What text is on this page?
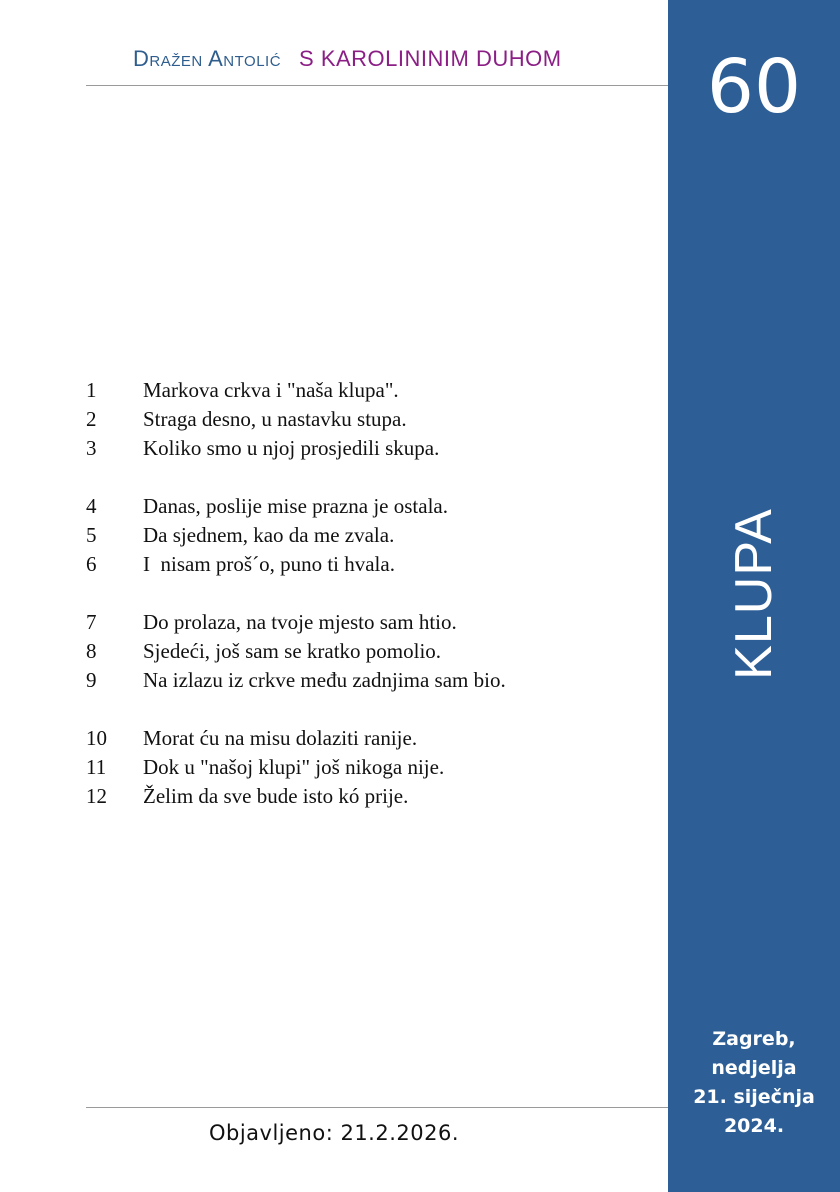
Dražen Antolić S KAROLININIM DUHOM	60
KLUPA
Zagreb,
nedjelja
21. siječnja
2024.
1 Markova crkva i "naša klupa".
2 Straga desno, u nastavku stupa.
3 Koliko smo u njoj prosjedili skupa.
4 Danas, poslije mise prazna je ostala.
5 Da sjednem, kao da me zvala.
6 I  nisam proš´o, puno ti hvala.
7 Do prolaza, na tvoje mjesto sam htio.
8 Sjedeći, još sam se kratko pomolio.
9 Na izlazu iz crkve među zadnjima sam bio.
10 Morat ću na misu dolaziti ranije.
11 Dok u "našoj klupi" još nikoga nije.
12 Želim da sve bude isto kó prije.
Objavljeno: 21.2.2026.
